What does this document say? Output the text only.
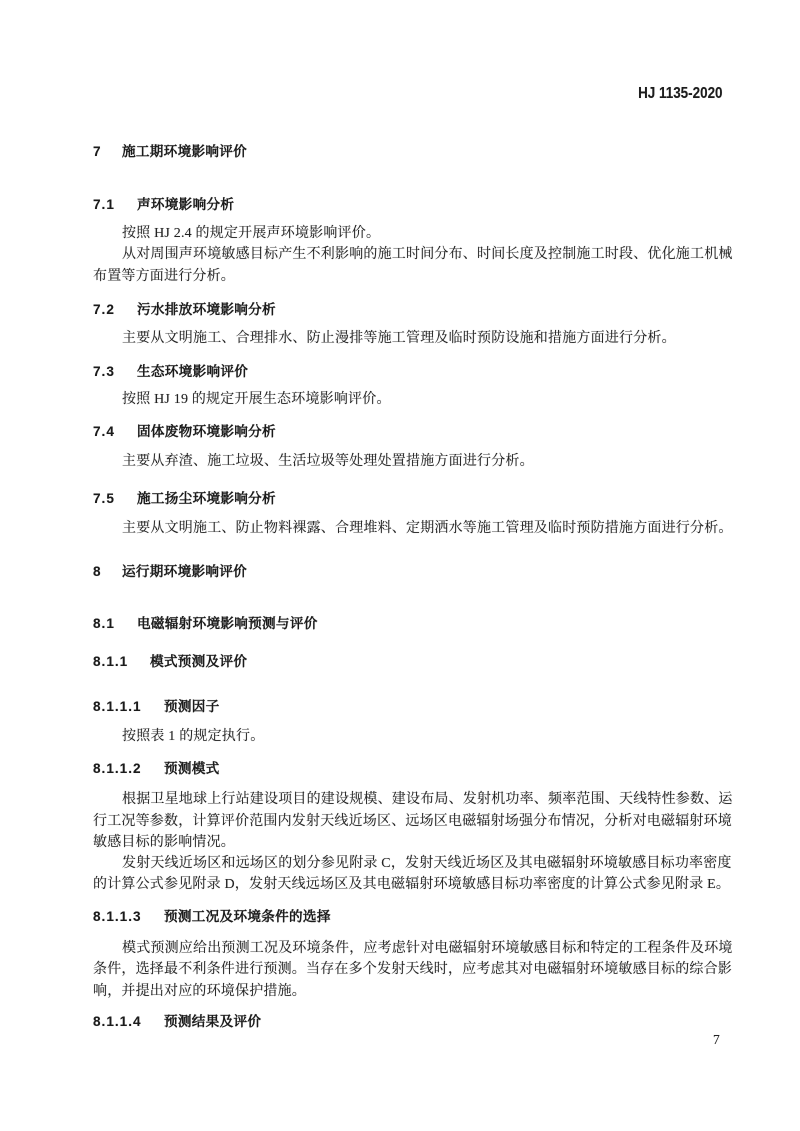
HJ 1135-2020
7 施工期环境影响评价
7.1 声环境影响分析
按照 HJ 2.4 的规定开展声环境影响评价。
从对周围声环境敏感目标产生不利影响的施工时间分布、时间长度及控制施工时段、优化施工机械
布置等方面进行分析。
7.2 污水排放环境影响分析
主要从文明施工、合理排水、防止漫排等施工管理及临时预防设施和措施方面进行分析。
7.3 生态环境影响评价
按照 HJ 19 的规定开展生态环境影响评价。
7.4 固体废物环境影响分析
主要从弃渣、施工垃圾、生活垃圾等处理处置措施方面进行分析。
7.5 施工扬尘环境影响分析
主要从文明施工、防止物料裸露、合理堆料、定期洒水等施工管理及临时预防措施方面进行分析。
8 运行期环境影响评价
8.1 电磁辐射环境影响预测与评价
8.1.1 模式预测及评价
8.1.1.1 预测因子
按照表 1 的规定执行。
8.1.1.2 预测模式
根据卫星地球上行站建设项目的建设规模、建设布局、发射机功率、频率范围、天线特性参数、运
行工况等参数，计算评价范围内发射天线近场区、远场区电磁辐射场强分布情况，分析对电磁辐射环境
敏感目标的影响情况。
发射天线近场区和远场区的划分参见附录 C，发射天线近场区及其电磁辐射环境敏感目标功率密度
的计算公式参见附录 D，发射天线远场区及其电磁辐射环境敏感目标功率密度的计算公式参见附录 E。
8.1.1.3 预测工况及环境条件的选择
模式预测应给出预测工况及环境条件，应考虑针对电磁辐射环境敏感目标和特定的工程条件及环境
条件，选择最不利条件进行预测。当存在多个发射天线时，应考虑其对电磁辐射环境敏感目标的综合影
响，并提出对应的环境保护措施。
8.1.1.4 预测结果及评价
7
